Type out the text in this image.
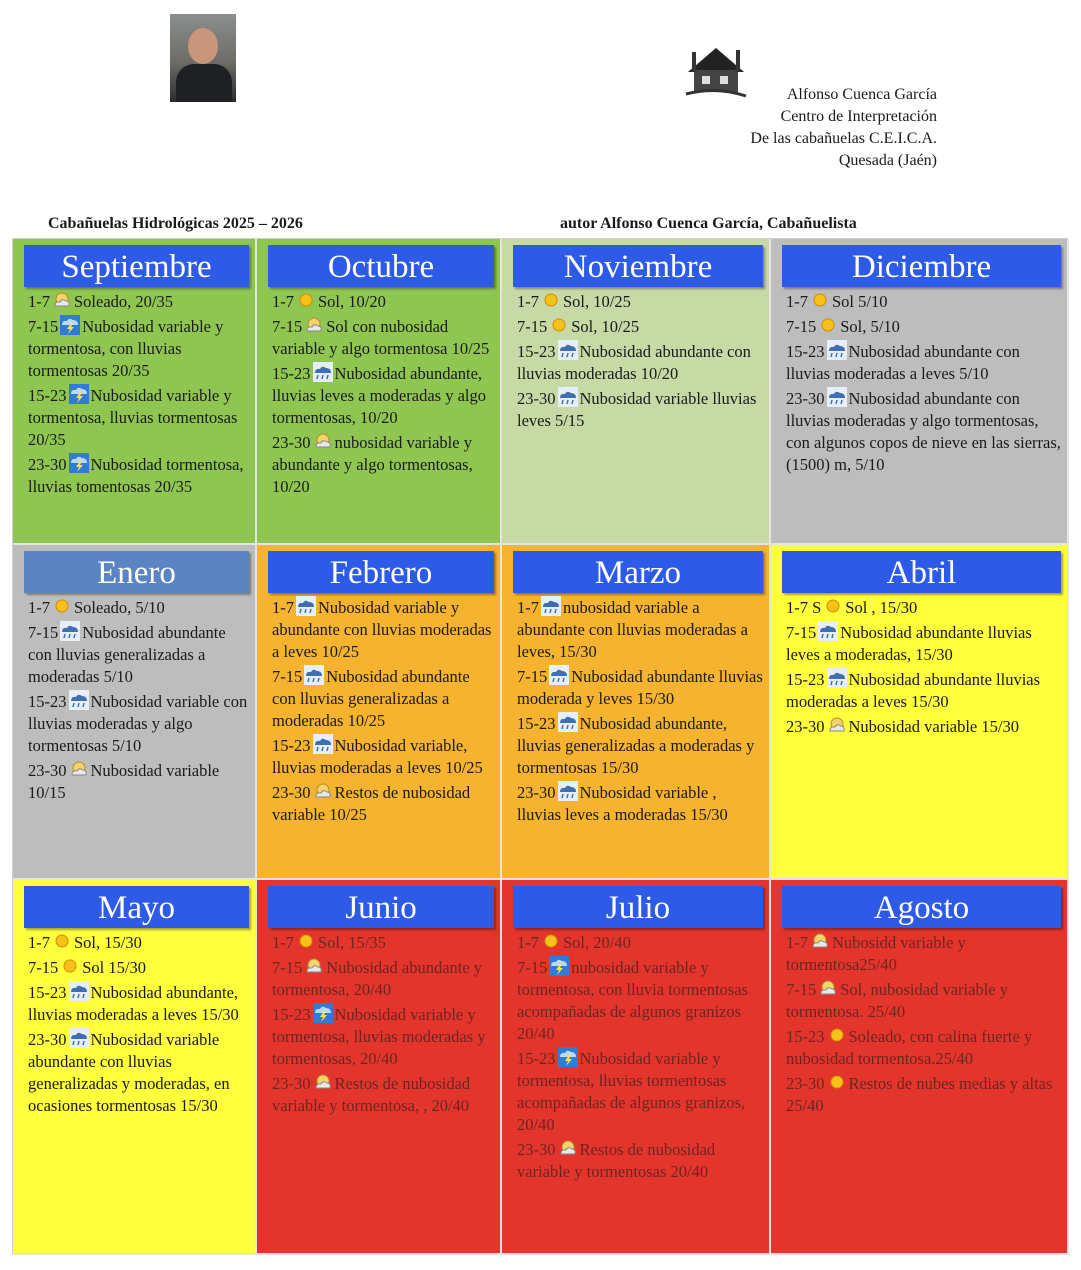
Alfonso Cuenca García
Centro de Interpretación
De las cabañuelas C.E.I.C.A.
Quesada (Jaén)
Cabañuelas Hidrológicas 2025 – 2026	autor Alfonso Cuenca García, Cabañuelista
Septiembre
1-7 Soleado, 20/35
7-15 Nubosidad variable y tormentosa, con lluvias tormentosas 20/35
15-23 Nubosidad variable y tormentosa, lluvias tormentosas 20/35
23-30 Nubosidad tormentosa, lluvias tomentosas 20/35
Octubre
1-7 Sol, 10/20
7-15 Sol con nubosidad variable y algo tormentosa 10/25
15-23 Nubosidad abundante, lluvias leves a moderadas y algo tormentosas, 10/20
23-30 nubosidad variable y abundante y algo tormentosas, 10/20
Noviembre
1-7 Sol, 10/25
7-15 Sol, 10/25
15-23 Nubosidad abundante con lluvias moderadas 10/20
23-30 Nubosidad variable lluvias leves 5/15
Diciembre
1-7 Sol 5/10
7-15 Sol, 5/10
15-23 Nubosidad abundante con lluvias moderadas a leves 5/10
23-30 Nubosidad abundante con lluvias moderadas y algo tormentosas, con algunos copos de nieve en las sierras, (1500) m, 5/10
Enero
1-7 Soleado, 5/10
7-15 Nubosidad abundante con lluvias generalizadas a moderadas 5/10
15-23 Nubosidad variable con lluvias moderadas y algo tormentosas 5/10
23-30 Nubosidad variable 10/15
Febrero
1-7 Nubosidad variable y abundante con lluvias moderadas a leves 10/25
7-15 Nubosidad abundante con lluvias generalizadas a moderadas 10/25
15-23 Nubosidad variable, lluvias moderadas a leves 10/25
23-30 Restos de nubosidad variable 10/25
Marzo
1-7 nubosidad variable a abundante con lluvias moderadas a leves, 15/30
7-15 Nubosidad abundante lluvias moderada y leves 15/30
15-23 Nubosidad abundante, lluvias generalizadas a moderadas y tormentosas 15/30
23-30 Nubosidad variable , lluvias leves a moderadas 15/30
Abril
1-7 S Sol , 15/30
7-15 Nubosidad abundante lluvias leves a moderadas, 15/30
15-23 Nubosidad abundante lluvias moderadas a leves 15/30
23-30 Nubosidad variable 15/30
Mayo
1-7 Sol, 15/30
7-15 Sol 15/30
15-23 Nubosidad abundante, lluvias moderadas a leves 15/30
23-30 Nubosidad variable abundante con lluvias generalizadas y moderadas, en ocasiones tormentosas 15/30
Junio
1-7 Sol, 15/35
7-15 Nubosidad abundante y tormentosa, 20/40
15-23 Nubosidad variable y tormentosa, lluvias moderadas y tormentosas, 20/40
23-30 Restos de nubosidad variable y tormentosa, , 20/40
Julio
1-7 Sol, 20/40
7-15 nubosidad variable y tormentosa, con lluvia tormentosas acompañadas de algunos granizos 20/40
15-23 Nubosidad variable y tormentosa, lluvias tormentosas acompañadas de algunos granizos, 20/40
23-30 Restos de nubosidad variable y tormentosas 20/40
Agosto
1-7 Nubosidd variable y tormentosa25/40
7-15 Sol, nubosidad variable y tormentosa. 25/40
15-23 Soleado, con calina fuerte y nubosidad tormentosa.25/40
23-30 Restos de nubes medias y altas 25/40
